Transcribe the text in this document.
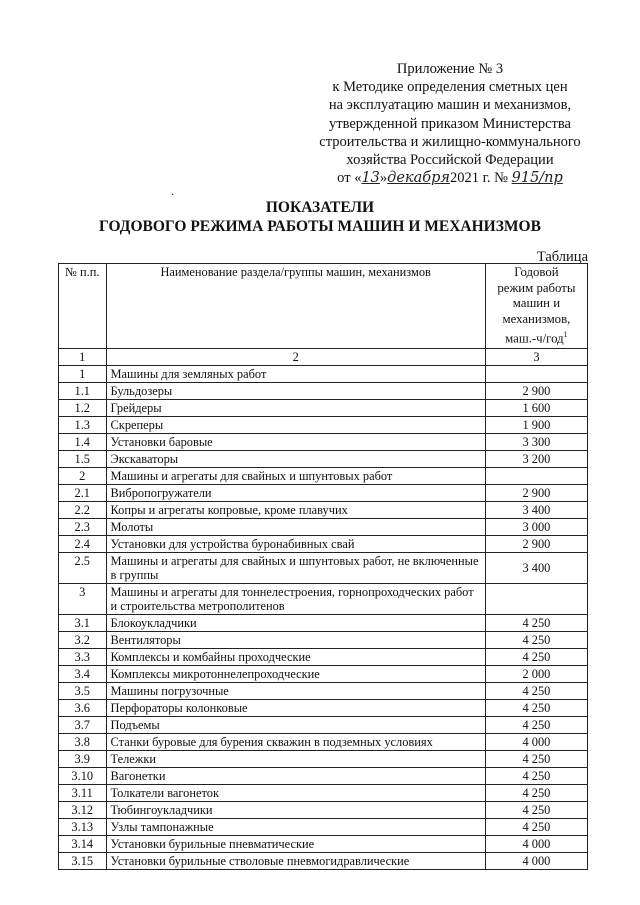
Приложение № 3
к Методике определения сметных цен
на эксплуатацию машин и механизмов,
утвержденной приказом Министерства
строительства и жилищно-коммунального
хозяйства Российской Федерации
от «13»декабря2021 г. № 915/пр
·
ПОКАЗАТЕЛИ
ГОДОВОГО РЕЖИМА РАБОТЫ МАШИН И МЕХАНИЗМОВ
Таблица
№ п.п.	Наименование раздела/группы машин, механизмов	Годовой
режим работы
машин и
механизмов,
маш.-ч/год$^1$
1	2	3
1	Машины для земляных работ	
1.1	Бульдозеры	2 900
1.2	Грейдеры	1 600
1.3	Скреперы	1 900
1.4	Установки баровые	3 300
1.5	Экскаваторы	3 200
2	Машины и агрегаты для свайных и шпунтовых работ	
2.1	Вибропогружатели	2 900
2.2	Копры и агрегаты копровые, кроме плавучих	3 400
2.3	Молоты	3 000
2.4	Установки для устройства буронабивных свай	2 900
2.5	Машины и агрегаты для свайных и шпунтовых работ, не включенные в группы	3 400
3	Машины и агрегаты для тоннелестроения, горнопроходческих работ и строительства метрополитенов	
3.1	Блокоукладчики	4 250
3.2	Вентиляторы	4 250
3.3	Комплексы и комбайны проходческие	4 250
3.4	Комплексы микротоннелепроходческие	2 000
3.5	Машины погрузочные	4 250
3.6	Перфораторы колонковые	4 250
3.7	Подъемы	4 250
3.8	Станки буровые для бурения скважин в подземных условиях	4 000
3.9	Тележки	4 250
3.10	Вагонетки	4 250
3.11	Толкатели вагонеток	4 250
3.12	Тюбингоукладчики	4 250
3.13	Узлы тампонажные	4 250
3.14	Установки бурильные пневматические	4 000
3.15	Установки бурильные стволовые пневмогидравлические	4 000
